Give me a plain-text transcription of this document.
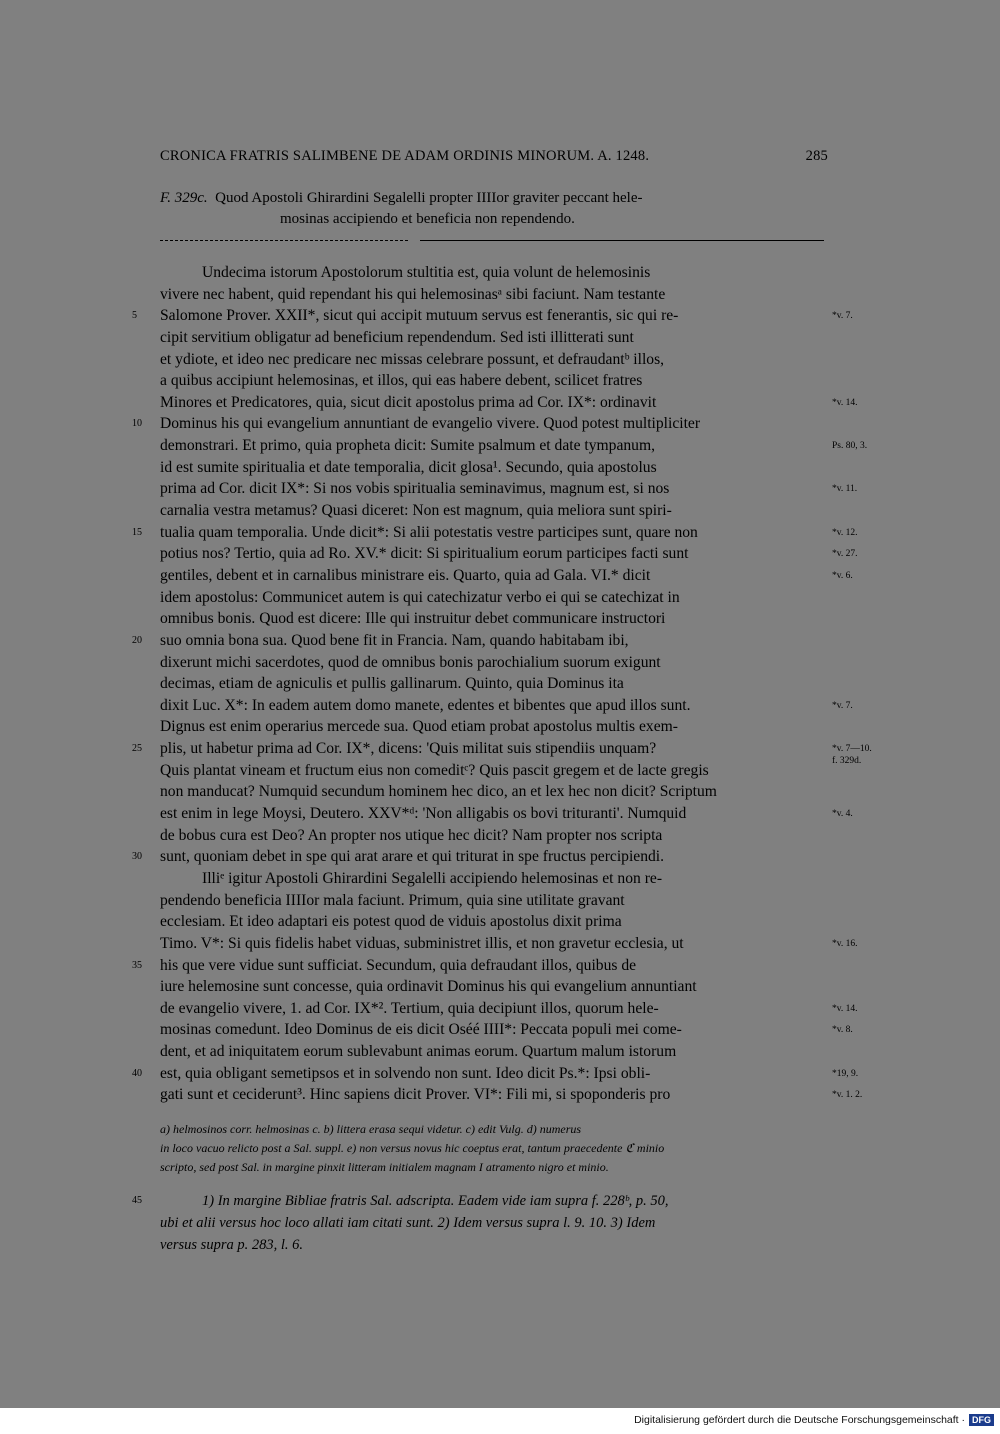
CRONICA FRATRIS SALIMBENE DE ADAM ORDINIS MINORUM. A. 1248.	285
F. 329c. Quod Apostoli Ghirardini Segalelli propter IIIIor graviter peccant hele-
mosinas accipiendo et beneficia non rependendo.
Undecima istorum Apostolorum stultitia est, quia volunt de helemosinis
vivere nec habent, quid rependant his qui helemosinasᵃ sibi faciunt. Nam testante
Salomone Prover. XXII*, sicut qui accipit mutuum servus est fenerantis, sic qui re-
5	*v. 7.
cipit servitium obligatur ad beneficium rependendum. Sed isti illitterati sunt
et ydiote, et ideo nec predicare nec missas celebrare possunt, et defraudantᵇ illos,
a quibus accipiunt helemosinas, et illos, qui eas habere debent, scilicet fratres
Minores et Predicatores, quia, sicut dicit apostolus prima ad Cor. IX*: ordinavit	*v. 14.
Dominus his qui evangelium annuntiant de evangelio vivere. Quod potest multipliciter
10
demonstrari. Et primo, quia propheta dicit: Sumite psalmum et date tympanum,	Ps. 80, 3.
id est sumite spiritualia et date temporalia, dicit glosa¹. Secundo, quia apostolus
prima ad Cor. dicit IX*: Si nos vobis spiritualia seminavimus, magnum est, si nos	*v. 11.
carnalia vestra metamus? Quasi diceret: Non est magnum, quia meliora sunt spiri-
tualia quam temporalia. Unde dicit*: Si alii potestatis vestre participes sunt, quare non
15	*v. 12.
potius nos? Tertio, quia ad Ro. XV.* dicit: Si spiritualium eorum participes facti sunt	*v. 27.
gentiles, debent et in carnalibus ministrare eis. Quarto, quia ad Gala. VI.* dicit	*v. 6.
idem apostolus: Communicet autem is qui catechizatur verbo ei qui se catechizat in
omnibus bonis. Quod est dicere: Ille qui instruitur debet communicare instructori
suo omnia bona sua. Quod bene fit in Francia. Nam, quando habitabam ibi,
20
dixerunt michi sacerdotes, quod de omnibus bonis parochialium suorum exigunt
decimas, etiam de agniculis et pullis gallinarum. Quinto, quia Dominus ita
dixit Luc. X*: In eadem autem domo manete, edentes et bibentes que apud illos sunt.	*v. 7.
Dignus est enim operarius mercede sua. Quod etiam probat apostolus multis exem-
plis, ut habetur prima ad Cor. IX*, dicens: 'Quis militat suis stipendiis unquam?
25	*v. 7—10.
f. 329d.
Quis plantat vineam et fructum eius non comeditᶜ? Quis pascit gregem et de lacte gregis
non manducat? Numquid secundum hominem hec dico, an et lex hec non dicit? Scriptum
est enim in lege Moysi, Deutero. XXV*ᵈ: 'Non alligabis os bovi trituranti'. Numquid	*v. 4.
de bobus cura est Deo? An propter nos utique hec dicit? Nam propter nos scripta
sunt, quoniam debet in spe qui arat arare et qui triturat in spe fructus percipiendi.
30
Illiᵉ igitur Apostoli Ghirardini Segalelli accipiendo helemosinas et non re-
pendendo beneficia IIIIor mala faciunt. Primum, quia sine utilitate gravant
ecclesiam. Et ideo adaptari eis potest quod de viduis apostolus dixit prima
Timo. V*: Si quis fidelis habet viduas, subministret illis, et non gravetur ecclesia, ut	*v. 16.
his que vere vidue sunt sufficiat. Secundum, quia defraudant illos, quibus de
35
iure helemosine sunt concesse, quia ordinavit Dominus his qui evangelium annuntiant
de evangelio vivere, 1. ad Cor. IX*². Tertium, quia decipiunt illos, quorum hele-	*v. 14.
mosinas comedunt. Ideo Dominus de eis dicit Oséé IIII*: Peccata populi mei come-	*v. 8.
dent, et ad iniquitatem eorum sublevabunt animas eorum. Quartum malum istorum
est, quia obligant semetipsos et in solvendo non sunt. Ideo dicit Ps.*: Ipsi obli-
40	*19, 9.
gati sunt et ceciderunt³. Hinc sapiens dicit Prover. VI*: Fili mi, si spoponderis pro	*v. 1. 2.
a) helmosinos corr. helmosinas c. b) littera erasa sequi videtur. c) edit Vulg. d) numerus
in loco vacuo relicto post a Sal. suppl. e) non versus novus hic coeptus erat, tantum praecedente ℭ minio
scripto, sed post Sal. in margine pinxit litteram initialem magnam I atramento nigro et minio.
1) In margine Bibliae fratris Sal. adscripta. Eadem vide iam supra f. 228ᵇ, p. 50,
45
ubi et alii versus hoc loco allati iam citati sunt. 2) Idem versus supra l. 9. 10. 3) Idem
versus supra p. 283, l. 6.
Digitalisierung gefördert durch die Deutsche Forschungsgemeinschaft · DFG
